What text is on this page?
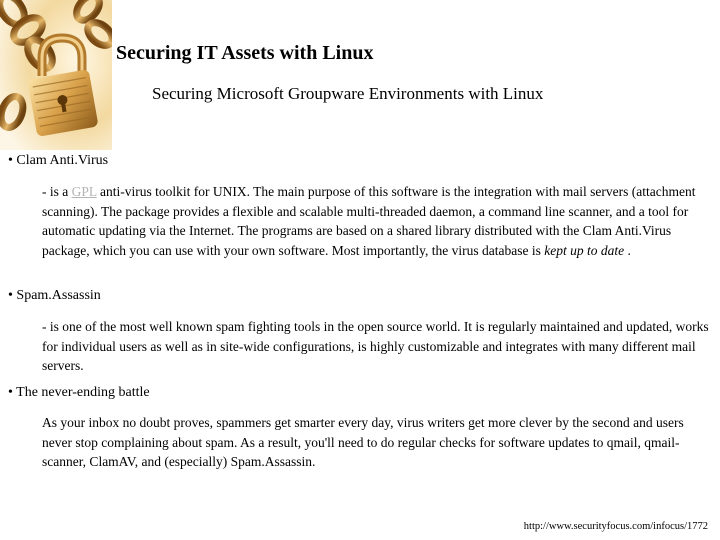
Securing IT Assets with Linux
Securing Microsoft Groupware Environments with Linux
• Clam Anti.Virus
- is a GPL anti-virus toolkit for UNIX. The main purpose of this software is the integration with mail servers (attachment scanning). The package provides a flexible and scalable multi-threaded daemon, a command line scanner, and a tool for automatic updating via the Internet. The programs are based on a shared library distributed with the Clam Anti.Virus package, which you can use with your own software. Most importantly, the virus database is kept up to date .
• Spam.Assassin
- is one of the most well known spam fighting tools in the open source world. It is regularly maintained and updated, works for individual users as well as in site-wide configurations, is highly customizable and integrates with many different mail servers.
• The never-ending battle
As your inbox no doubt proves, spammers get smarter every day, virus writers get more clever by the second and users never stop complaining about spam. As a result, you'll need to do regular checks for software updates to qmail, qmail-scanner, ClamAV, and (especially) Spam.Assassin.
http://www.securityfocus.com/infocus/1772
